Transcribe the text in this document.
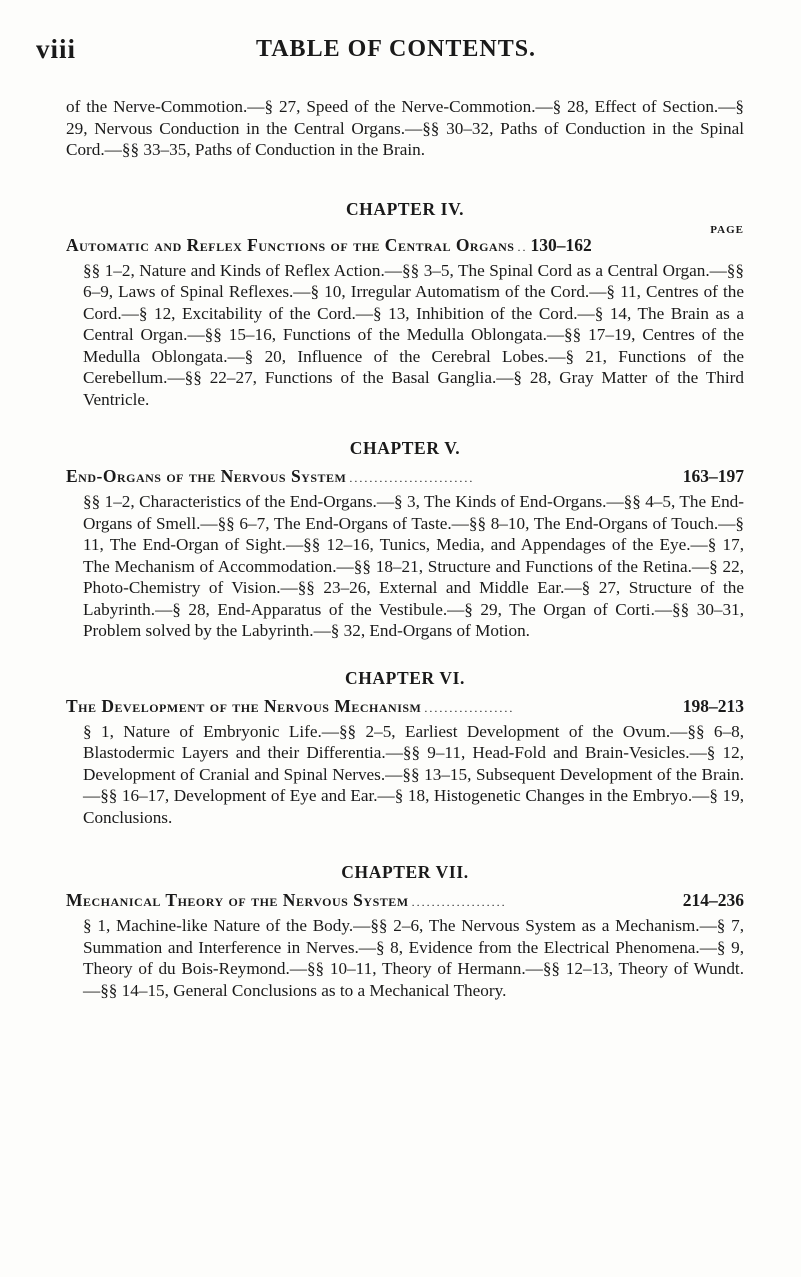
viii	TABLE OF CONTENTS.

of the Nerve-Commotion.—§ 27, Speed of the Nerve-Commotion.—§ 28, Effect of Section.—§ 29, Nervous Conduction in the Central Organs.—§§ 30–32, Paths of Conduction in the Spinal Cord.—§§ 33–35, Paths of Conduction in the Brain.

CHAPTER IV.
PAGE
Automatic and Reflex Functions of the Central Organs .. 130–162

§§ 1–2, Nature and Kinds of Reflex Action.—§§ 3–5, The Spinal Cord as a Central Organ.—§§ 6–9, Laws of Spinal Reflexes.—§ 10, Irregular Automatism of the Cord.—§ 11, Centres of the Cord.—§ 12, Excitability of the Cord.—§ 13, Inhibition of the Cord.—§ 14, The Brain as a Central Organ.—§§ 15–16, Functions of the Medulla Oblongata.—§§ 17–19, Centres of the Medulla Oblongata.—§ 20, Influence of the Cerebral Lobes.—§ 21, Functions of the Cerebellum.—§§ 22–27, Functions of the Basal Ganglia.—§ 28, Gray Matter of the Third Ventricle.

CHAPTER V.
End-Organs of the Nervous System .........................	163–197

§§ 1–2, Characteristics of the End-Organs.—§ 3, The Kinds of End-Organs.—§§ 4–5, The End-Organs of Smell.—§§ 6–7, The End-Organs of Taste.—§§ 8–10, The End-Organs of Touch.—§ 11, The End-Organ of Sight.—§§ 12–16, Tunics, Media, and Appendages of the Eye.—§ 17, The Mechanism of Accommodation.—§§ 18–21, Structure and Functions of the Retina.—§ 22, Photo-Chemistry of Vision.—§§ 23–26, External and Middle Ear.—§ 27, Structure of the Labyrinth.—§ 28, End-Apparatus of the Vestibule.—§ 29, The Organ of Corti.—§§ 30–31, Problem solved by the Labyrinth.—§ 32, End-Organs of Motion.

CHAPTER VI.
The Development of the Nervous Mechanism ..................	198–213

§ 1, Nature of Embryonic Life.—§§ 2–5, Earliest Development of the Ovum.—§§ 6–8, Blastodermic Layers and their Differentia.—§§ 9–11, Head-Fold and Brain-Vesicles.—§ 12, Development of Cranial and Spinal Nerves.—§§ 13–15, Subsequent Development of the Brain.—§§ 16–17, Development of Eye and Ear.—§ 18, Histogenetic Changes in the Embryo.—§ 19, Conclusions.

CHAPTER VII.
Mechanical Theory of the Nervous System ...................	214–236

§ 1, Machine-like Nature of the Body.—§§ 2–6, The Nervous System as a Mechanism.—§ 7, Summation and Interference in Nerves.—§ 8, Evidence from the Electrical Phenomena.—§ 9, Theory of du Bois-Reymond.—§§ 10–11, Theory of Hermann.—§§ 12–13, Theory of Wundt.—§§ 14–15, General Conclusions as to a Mechanical Theory.
